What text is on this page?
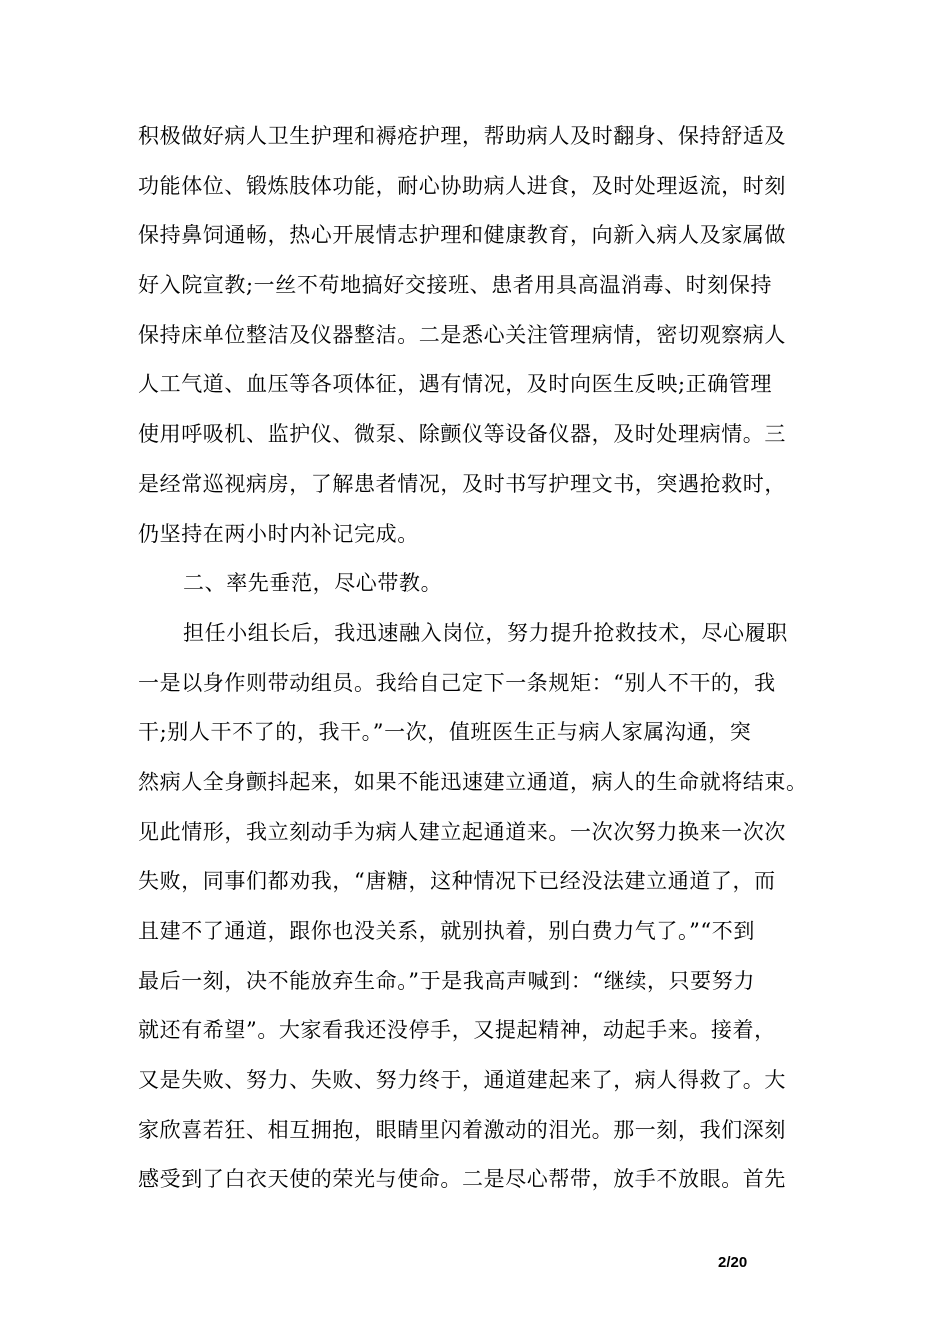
积极做好病人卫生护理和褥疮护理，帮助病人及时翻身、保持舒适及
功能体位、锻炼肢体功能，耐心协助病人进食，及时处理返流，时刻
保持鼻饲通畅，热心开展情志护理和健康教育，向新入病人及家属做
好入院宣教;一丝不苟地搞好交接班、患者用具高温消毒、时刻保持
保持床单位整洁及仪器整洁。二是悉心关注管理病情，密切观察病人
人工气道、血压等各项体征，遇有情况，及时向医生反映;正确管理
使用呼吸机、监护仪、微泵、除颤仪等设备仪器，及时处理病情。三
是经常巡视病房，了解患者情况，及时书写护理文书，突遇抢救时，
仍坚持在两小时内补记完成。
二、率先垂范，尽心带教。
担任小组长后，我迅速融入岗位，努力提升抢救技术，尽心履职
一是以身作则带动组员。我给自己定下一条规矩：“别人不干的，我
干;别人干不了的，我干。”一次，值班医生正与病人家属沟通，突
然病人全身颤抖起来，如果不能迅速建立通道，病人的生命就将结束。
见此情形，我立刻动手为病人建立起通道来。一次次努力换来一次次
失败，同事们都劝我，“唐糖，这种情况下已经没法建立通道了，而
且建不了通道，跟你也没关系，就别执着，别白费力气了。”“不到
最后一刻，决不能放弃生命。”于是我高声喊到：“继续，只要努力
就还有希望”。大家看我还没停手，又提起精神，动起手来。接着，
又是失败、努力、失败、努力终于，通道建起来了，病人得救了。大
家欣喜若狂、相互拥抱，眼睛里闪着激动的泪光。那一刻，我们深刻
感受到了白衣天使的荣光与使命。二是尽心帮带，放手不放眼。首先
2/20
